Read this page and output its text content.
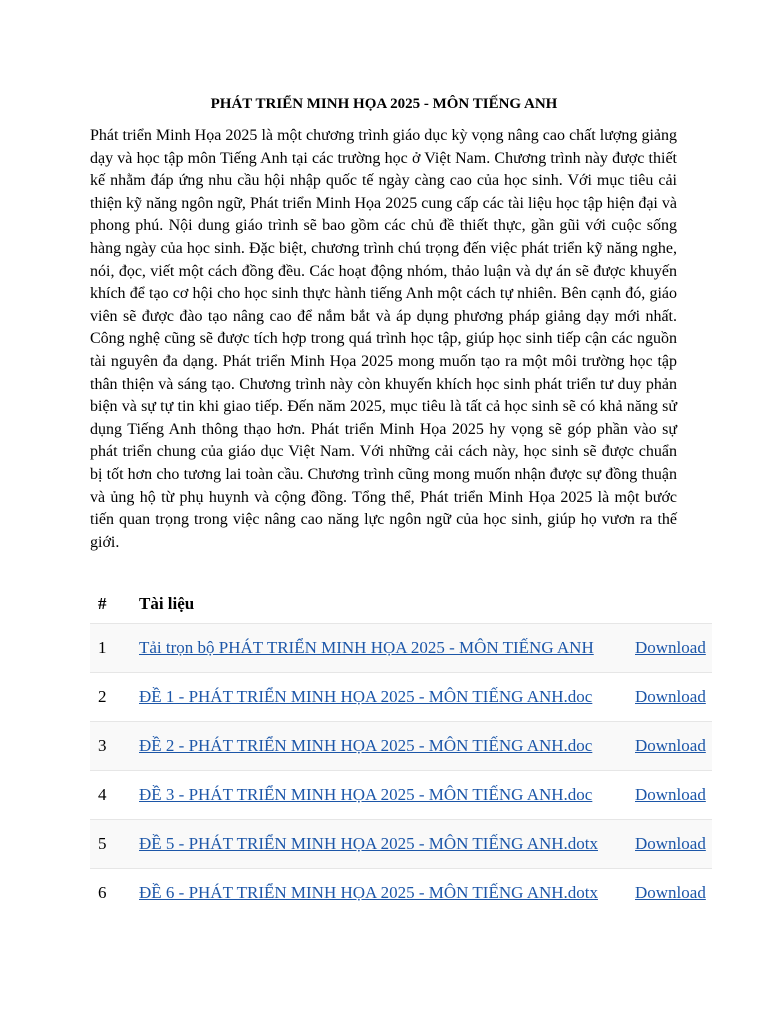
PHÁT TRIỂN MINH HỌA 2025 - MÔN TIẾNG ANH
Phát triển Minh Họa 2025 là một chương trình giáo dục kỳ vọng nâng cao chất lượng giảng dạy và học tập môn Tiếng Anh tại các trường học ở Việt Nam. Chương trình này được thiết kế nhằm đáp ứng nhu cầu hội nhập quốc tế ngày càng cao của học sinh. Với mục tiêu cải thiện kỹ năng ngôn ngữ, Phát triển Minh Họa 2025 cung cấp các tài liệu học tập hiện đại và phong phú. Nội dung giáo trình sẽ bao gồm các chủ đề thiết thực, gần gũi với cuộc sống hàng ngày của học sinh. Đặc biệt, chương trình chú trọng đến việc phát triển kỹ năng nghe, nói, đọc, viết một cách đồng đều. Các hoạt động nhóm, thảo luận và dự án sẽ được khuyến khích để tạo cơ hội cho học sinh thực hành tiếng Anh một cách tự nhiên. Bên cạnh đó, giáo viên sẽ được đào tạo nâng cao để nắm bắt và áp dụng phương pháp giảng dạy mới nhất. Công nghệ cũng sẽ được tích hợp trong quá trình học tập, giúp học sinh tiếp cận các nguồn tài nguyên đa dạng. Phát triển Minh Họa 2025 mong muốn tạo ra một môi trường học tập thân thiện và sáng tạo. Chương trình này còn khuyến khích học sinh phát triển tư duy phản biện và sự tự tin khi giao tiếp. Đến năm 2025, mục tiêu là tất cả học sinh sẽ có khả năng sử dụng Tiếng Anh thông thạo hơn. Phát triển Minh Họa 2025 hy vọng sẽ góp phần vào sự phát triển chung của giáo dục Việt Nam. Với những cải cách này, học sinh sẽ được chuẩn bị tốt hơn cho tương lai toàn cầu. Chương trình cũng mong muốn nhận được sự đồng thuận và ủng hộ từ phụ huynh và cộng đồng. Tổng thể, Phát triển Minh Họa 2025 là một bước tiến quan trọng trong việc nâng cao năng lực ngôn ngữ của học sinh, giúp họ vươn ra thế giới.
#	Tài liệu	
1	Tải trọn bộ PHÁT TRIỂN MINH HỌA 2025 - MÔN TIẾNG ANH	Download
2	ĐỀ 1 - PHÁT TRIỂN MINH HỌA 2025 - MÔN TIẾNG ANH.doc	Download
3	ĐỀ 2 - PHÁT TRIỂN MINH HỌA 2025 - MÔN TIẾNG ANH.doc	Download
4	ĐỀ 3 - PHÁT TRIỂN MINH HỌA 2025 - MÔN TIẾNG ANH.doc	Download
5	ĐỀ 5 - PHÁT TRIỂN MINH HỌA 2025 - MÔN TIẾNG ANH.dotx	Download
6	ĐỀ 6 - PHÁT TRIỂN MINH HỌA 2025 - MÔN TIẾNG ANH.dotx	Download
